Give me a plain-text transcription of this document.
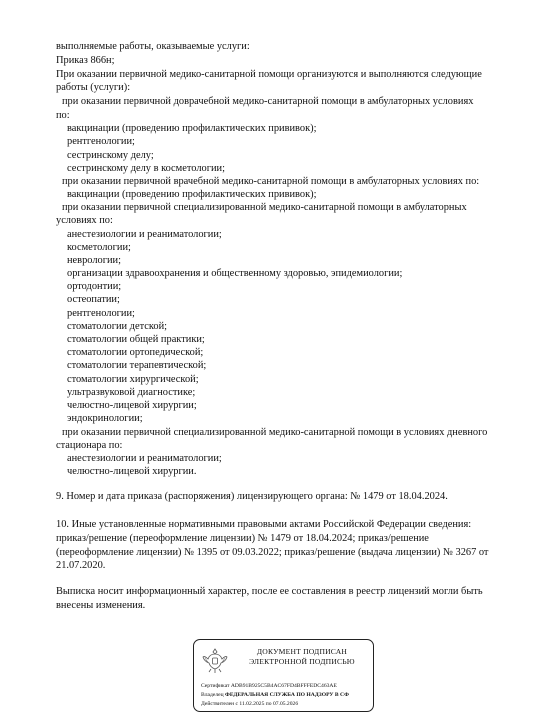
выполняемые работы, оказываемые услуги:
Приказ 866н;
При оказании первичной медико-санитарной помощи организуются и выполняются следующие
работы (услуги):
при оказании первичной доврачебной медико-санитарной помощи в амбулаторных условиях
по:
вакцинации (проведению профилактических прививок);
рентгенологии;
сестринскому делу;
сестринскому делу в косметологии;
при оказании первичной врачебной медико-санитарной помощи в амбулаторных условиях по:
вакцинации (проведению профилактических прививок);
при оказании первичной специализированной медико-санитарной помощи в амбулаторных
условиях по:
анестезиологии и реаниматологии;
косметологии;
неврологии;
организации здравоохранения и общественному здоровью, эпидемиологии;
ортодонтии;
остеопатии;
рентгенологии;
стоматологии детской;
стоматологии общей практики;
стоматологии ортопедической;
стоматологии терапевтической;
стоматологии хирургической;
ультразвуковой диагностике;
челюстно-лицевой хирургии;
эндокринологии;
при оказании первичной специализированной медико-санитарной помощи в условиях дневного
стационара по:
анестезиологии и реаниматологии;
челюстно-лицевой хирургии.
9. Номер и дата приказа (распоряжения) лицензирующего органа: № 1479 от 18.04.2024.
10. Иные установленные нормативными правовыми актами Российской Федерации сведения:
приказ/решение (переоформление лицензии) № 1479 от 18.04.2024; приказ/решение
(переоформление лицензии) № 1395 от 09.03.2022; приказ/решение (выдача лицензии) № 3267 от
21.07.2020.
Выписка носит информационный характер, после ее составления в реестр лицензий могли быть
внесены изменения.
ДОКУМЕНТ ПОДПИСАН
ЭЛЕКТРОННОЙ ПОДПИСЬЮ
Сертификат ADB91B925C5B4AC67FD4BFFFEDC463AE
Владелец ФЕДЕРАЛЬНАЯ СЛУЖБА ПО НАДЗОРУ В СФ
Действителен с 11.02.2025 по 07.05.2026
